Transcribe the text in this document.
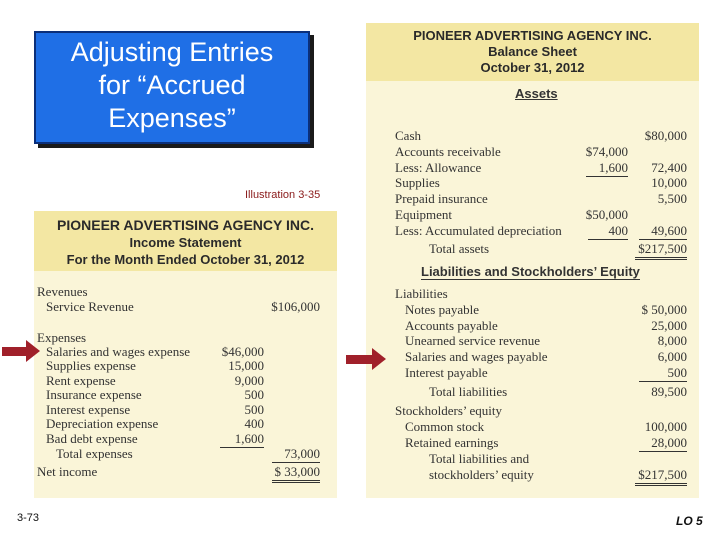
Adjusting Entries
for “Accrued
Expenses”
Illustration 3-35
PIONEER ADVERTISING AGENCY INC.
Income Statement
For the Month Ended October 31, 2012
Revenues
Service Revenue	$106,000
Expenses
Salaries and wages expense $46,000
Supplies expense	15,000
Rent expense	9,000
Insurance expense	500
Interest expense	500
Depreciation expense	400
Bad debt expense	1,600
Total expenses	73,000
Net income	$ 33,000
PIONEER ADVERTISING AGENCY INC.
Balance Sheet
October 31, 2012
Assets
Cash	$80,000
Accounts receivable	$74,000
Less: Allowance	1,600 72,400
Supplies	10,000
Prepaid insurance	5,500
Equipment	$50,000
Less: Accumulated depreciation	400	49,600
Total assets	$217,500
Liabilities and Stockholders’ Equity
Liabilities
Notes payable	$ 50,000
Accounts payable	25,000
Unearned service revenue	8,000
Salaries and wages payable	6,000
Interest payable	500
Total liabilities	89,500
Stockholders’ equity
Common stock	100,000
Retained earnings	28,000
Total liabilities and
stockholders’ equity	$217,500
3-73	LO 5
